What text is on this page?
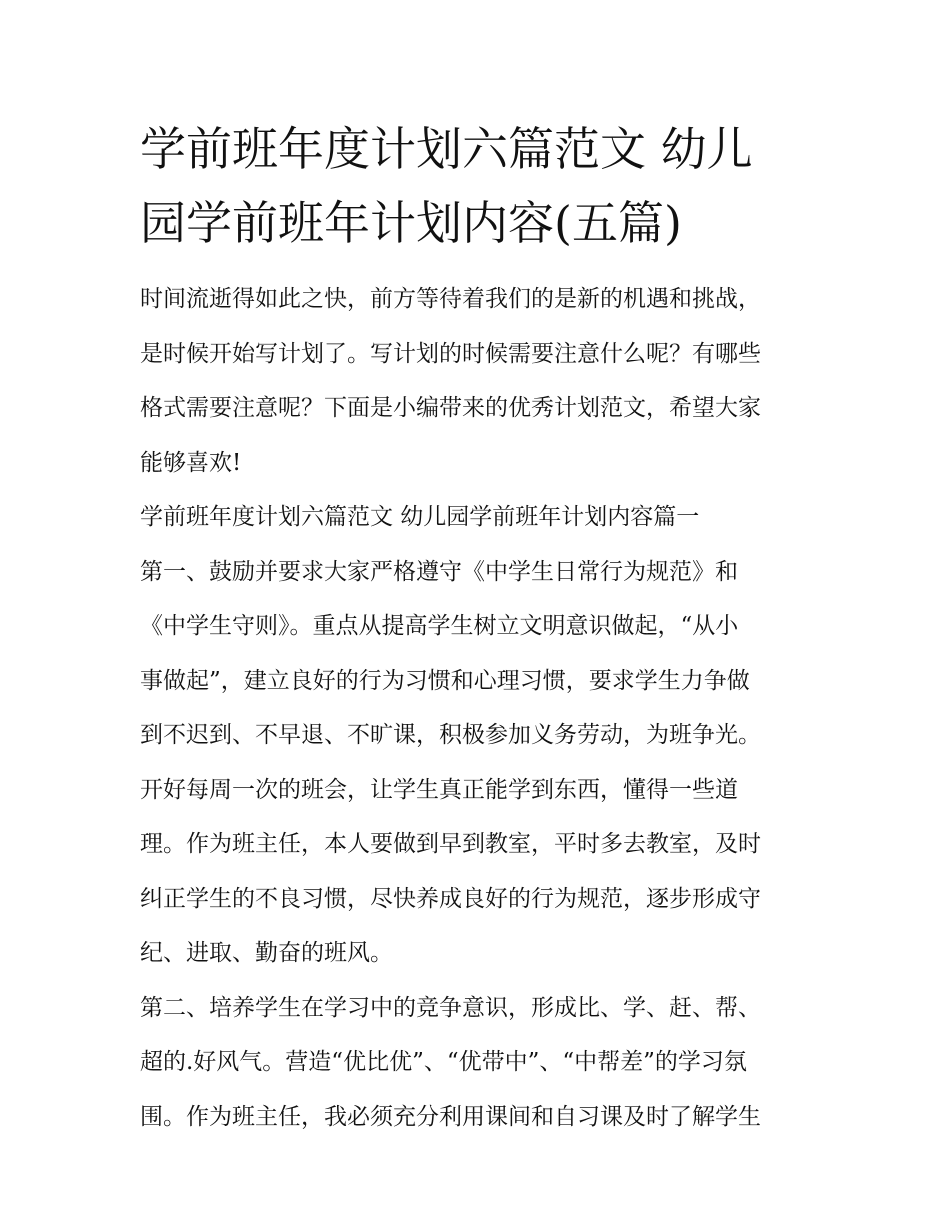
学前班年度计划六篇范文 幼儿
园学前班年计划内容(五篇)
时间流逝得如此之快，前方等待着我们的是新的机遇和挑战，
是时候开始写计划了。写计划的时候需要注意什么呢？有哪些
格式需要注意呢？下面是小编带来的优秀计划范文，希望大家
能够喜欢!
学前班年度计划六篇范文 幼儿园学前班年计划内容篇一
第一、鼓励并要求大家严格遵守《中学生日常行为规范》和
《中学生守则》。重点从提高学生树立文明意识做起，“从小
事做起”，建立良好的行为习惯和心理习惯，要求学生力争做
到不迟到、不早退、不旷课，积极参加义务劳动，为班争光。
开好每周一次的班会，让学生真正能学到东西，懂得一些道
理。作为班主任，本人要做到早到教室，平时多去教室，及时
纠正学生的不良习惯，尽快养成良好的行为规范，逐步形成守
纪、进取、勤奋的班风。
第二、培养学生在学习中的竞争意识，形成比、学、赶、帮、
超的.好风气。营造“优比优”、“优带中”、“中帮差”的学习氛
围。作为班主任，我必须充分利用课间和自习课及时了解学生
